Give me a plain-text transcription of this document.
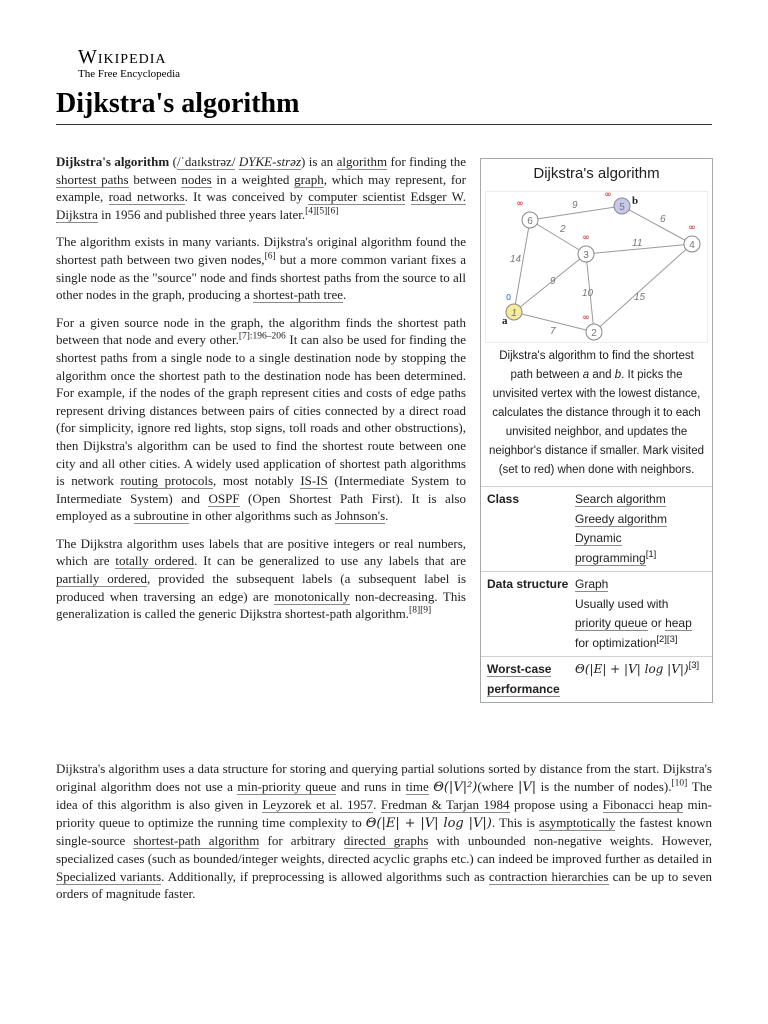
Wikipedia
The Free Encyclopedia
Dijkstra's algorithm

Dijkstra's algorithm (/ˈdaɪkstrəz/ DYKE-strəz) is an algorithm for finding the shortest paths between nodes in a weighted graph, which may represent, for example, road networks. It was conceived by computer scientist Edsger W. Dijkstra in 1956 and published three years later.[4][5][6]

The algorithm exists in many variants. Dijkstra's original algorithm found the shortest path between two given nodes,[6] but a more common variant fixes a single node as the "source" node and finds shortest paths from the source to all other nodes in the graph, producing a shortest-path tree.

For a given source node in the graph, the algorithm finds the shortest path between that node and every other.$^{[7]:196-206}$ It can also be used for finding the shortest paths from a single node to a single destination node by stopping the algorithm once the shortest path to the destination node has been determined. For example, if the nodes of the graph represent cities and costs of edge paths represent driving distances between pairs of cities connected by a direct road (for simplicity, ignore red lights, stop signs, toll roads and other obstructions), then Dijkstra's algorithm can be used to find the shortest route between one city and all other cities. A widely used application of shortest path algorithms is network routing protocols, most notably IS-IS (Intermediate System to Intermediate System) and OSPF (Open Shortest Path First). It is also employed as a subroutine in other algorithms such as Johnson's.

The Dijkstra algorithm uses labels that are positive integers or real numbers, which are totally ordered. It can be generalized to use any labels that are partially ordered, provided the subsequent labels (a subsequent label is produced when traversing an edge) are monotonically non-decreasing. This generalization is called the generic Dijkstra shortest-path algorithm.[8][9]

Dijkstra's algorithm uses a data structure for storing and querying partial solutions sorted by distance from the start. Dijkstra's original algorithm does not use a min-priority queue and runs in time Θ(|V|²)(where |V| is the number of nodes).[10] The idea of this algorithm is also given in Leyzorek et al. 1957. Fredman & Tarjan 1984 propose using a Fibonacci heap min-priority queue to optimize the running time complexity to Θ(|E| + |V| log |V|). This is asymptotically the fastest known single-source shortest-path algorithm for arbitrary directed graphs with unbounded non-negative weights. However, specialized cases (such as bounded/integer weights, directed acyclic graphs etc.) can indeed be improved further as detailed in Specialized variants. Additionally, if preprocessing is allowed algorithms such as contraction hierarchies can be up to seven orders of magnitude faster.

Dijkstra's algorithm
9
6
2
14
9
11
10	15
7
6
5
3
4
1
2
∞
∞
∞
∞
∞
0
a
b
Dijkstra's algorithm to find the shortest path between a and b. It picks the unvisited vertex with the lowest distance, calculates the distance through it to each unvisited neighbor, and updates the neighbor's distance if smaller. Mark visited (set to red) when done with neighbors.
Class	Search algorithm
Greedy algorithm
Dynamic programming[1]
Data structure Graph
Usually used with priority queue or heap for optimization[2][3]
Worst-case performance
Θ(|E| + |V| log |V|)[3]
